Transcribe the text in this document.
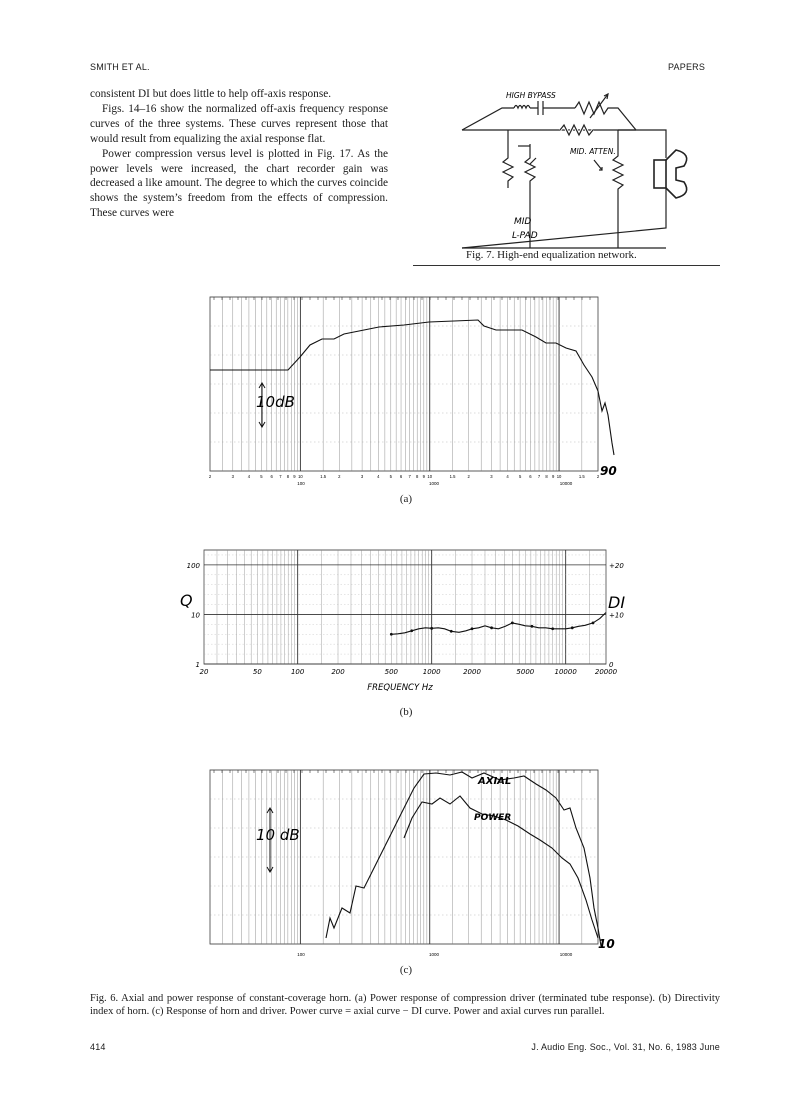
SMITH ET AL.	PAPERS

consistent DI but does little to help off-axis response.

Figs. 14–16 show the normalized off-axis frequency response curves of the three systems. These curves represent those that would result from equalizing the axial response flat.

Power compression versus level is plotted in Fig. 17. As the power levels were increased, the chart recorder gain was decreased a like amount. The degree to which the curves coincide shows the system’s freedom from the effects of compression. These curves were

HIGH BYPASS
MID. ATTEN.
MID
L-PAD
Fig. 7. High-end equalization network.
10dB
90
2	3	4 5 6 7 8 9 10	1.5	2	3	4 5 6 7 8 9 10	1.5	2	3	4 5 6 7 8 9 10	1.5	2
100	1000	10000
(a)
20	50	100	200	500	1000	2000	5000	10000	20000
1
10
100
0
+10
+20
Q	DI
FREQUENCY Hz
(b)
AXIAL
POWER
10 dB
10
100	1000	10000
(c)
Fig. 6. Axial and power response of constant-coverage horn. (a) Power response of compression driver (terminated tube response). (b) Directivity index of horn. (c) Response of horn and driver. Power curve = axial curve − DI curve. Power and axial curves run parallel.
414	J. Audio Eng. Soc., Vol. 31, No. 6, 1983 June
